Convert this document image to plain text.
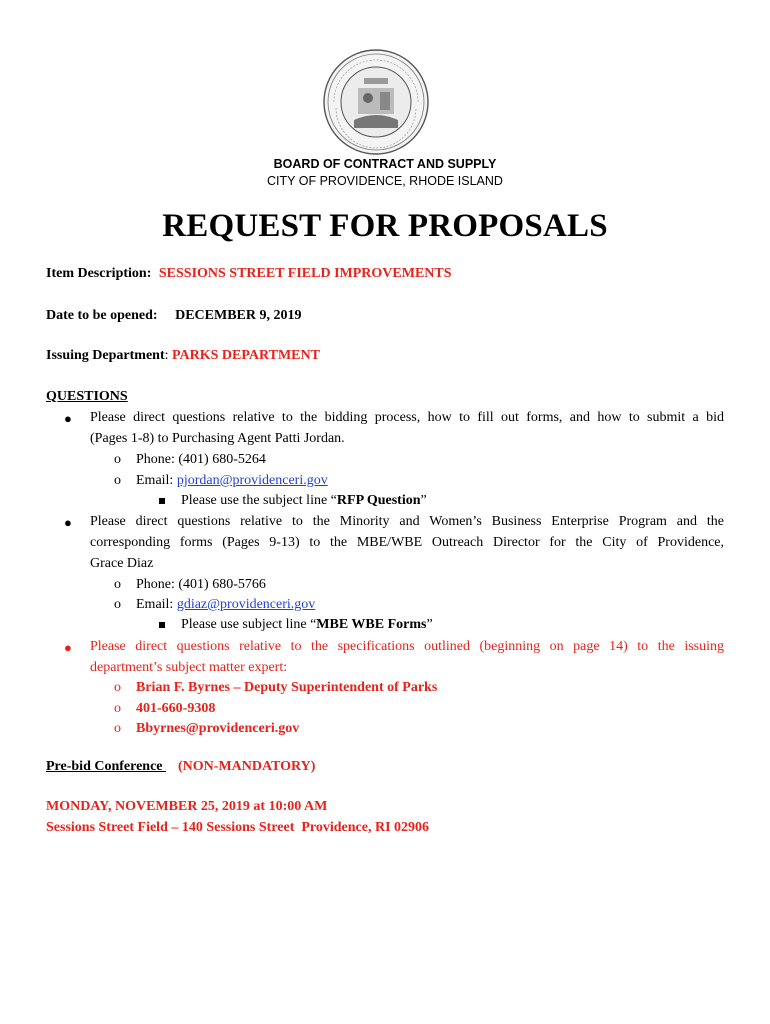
BOARD OF CONTRACT AND SUPPLY
CITY OF PROVIDENCE, RHODE ISLAND
REQUEST FOR PROPOSALS
Item Description: SESSIONS STREET FIELD IMPROVEMENTS
Date to be opened: DECEMBER 9, 2019
Issuing Department: PARKS DEPARTMENT
QUESTIONS
● Please direct questions relative to the bidding process, how to fill out forms, and how to submit a bid
(Pages 1-8) to Purchasing Agent Patti Jordan.
o Phone: (401) 680-5264
o Email: pjordan@providenceri.gov
Please use the subject line “RFP Question”
● Please direct questions relative to the Minority and Women’s Business Enterprise Program and the
corresponding forms (Pages 9-13) to the MBE/WBE Outreach Director for the City of Providence,
Grace Diaz
o Phone: (401) 680-5766
o Email: gdiaz@providenceri.gov
Please use subject line “MBE WBE Forms”
● Please direct questions relative to the specifications outlined (beginning on page 14) to the issuing
department’s subject matter expert:
o Brian F. Byrnes – Deputy Superintendent of Parks
o 401-660-9308
o Bbyrnes@providenceri.gov
Pre-bid Conference (NON-MANDATORY)
MONDAY, NOVEMBER 25, 2019 at 10:00 AM
Sessions Street Field – 140 Sessions Street  Providence, RI 02906
